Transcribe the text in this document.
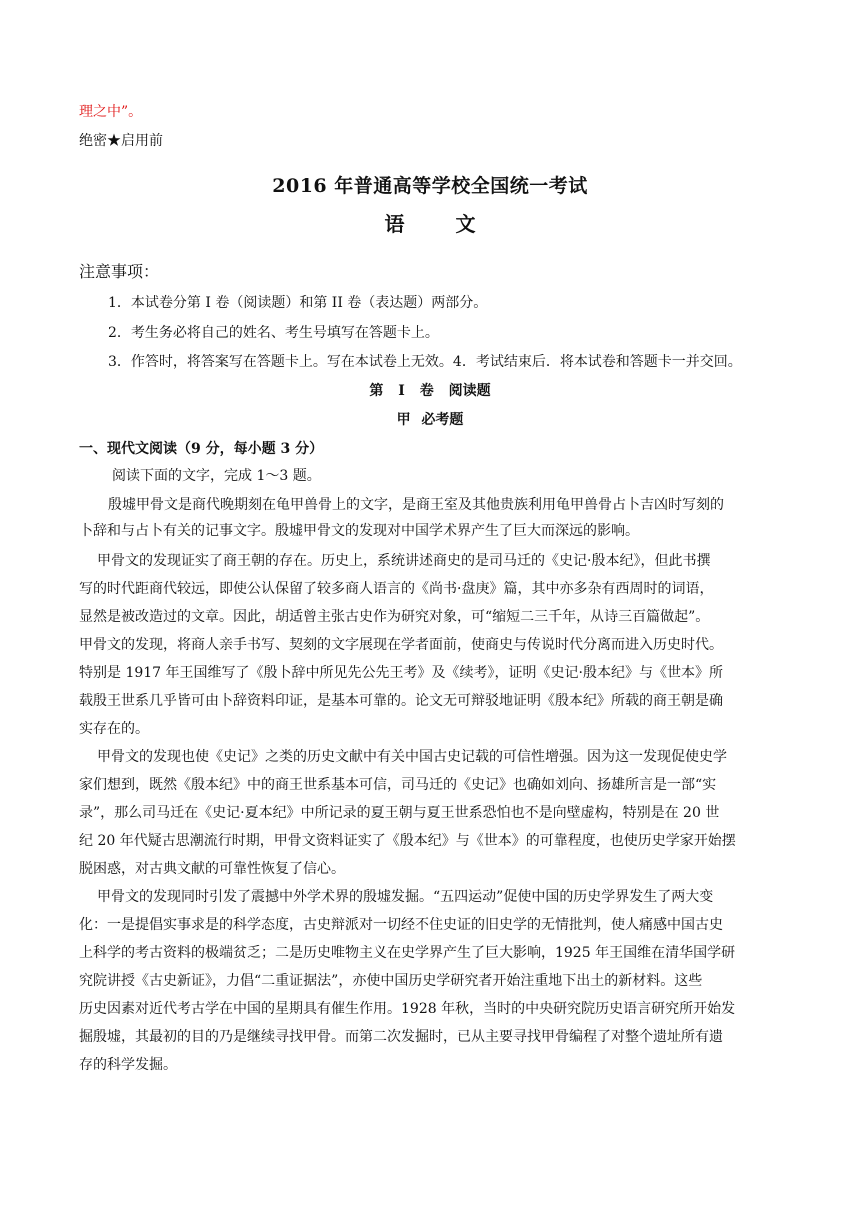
理之中”。
绝密★启用前
2016 年普通高等学校全国统一考试
语 文
注意事项：
1．本试卷分第 I 卷（阅读题）和第 II 卷（表达题）两部分。
2．考生务必将自己的姓名、考生号填写在答题卡上。
3．作答时，将答案写在答题卡上。写在本试卷上无效。4．考试结束后．将本试卷和答题卡一并交回。
第 I 卷 阅读题
甲 必考题
一、现代文阅读（9 分，每小题 3 分）
阅读下面的文字，完成 1～3 题。
殷墟甲骨文是商代晚期刻在龟甲兽骨上的文字，是商王室及其他贵族利用龟甲兽骨占卜吉凶时写刻的
卜辞和与占卜有关的记事文字。殷墟甲骨文的发现对中国学术界产生了巨大而深远的影响。
甲骨文的发现证实了商王朝的存在。历史上，系统讲述商史的是司马迁的《史记·殷本纪》，但此书撰
写的时代距商代较远，即使公认保留了较多商人语言的《尚书·盘庚》篇，其中亦多杂有西周时的词语，
显然是被改造过的文章。因此，胡适曾主张古史作为研究对象，可“缩短二三千年，从诗三百篇做起”。
甲骨文的发现，将商人亲手书写、契刻的文字展现在学者面前，使商史与传说时代分离而进入历史时代。
特别是 1917 年王国维写了《殷卜辞中所见先公先王考》及《续考》，证明《史记·殷本纪》与《世本》所
载殷王世系几乎皆可由卜辞资料印证，是基本可靠的。论文无可辩驳地证明《殷本纪》所载的商王朝是确
实存在的。
甲骨文的发现也使《史记》之类的历史文献中有关中国古史记载的可信性增强。因为这一发现促使史学
家们想到，既然《殷本纪》中的商王世系基本可信，司马迁的《史记》也确如刘向、扬雄所言是一部“实
录”，那么司马迁在《史记·夏本纪》中所记录的夏王朝与夏王世系恐怕也不是向壁虚构，特别是在 20 世
纪 20 年代疑古思潮流行时期，甲骨文资料证实了《殷本纪》与《世本》的可靠程度，也使历史学家开始摆
脱困惑，对古典文献的可靠性恢复了信心。
甲骨文的发现同时引发了震撼中外学术界的殷墟发掘。“五四运动”促使中国的历史学界发生了两大变
化：一是提倡实事求是的科学态度，古史辩派对一切经不住史证的旧史学的无情批判，使人痛感中国古史
上科学的考古资料的极端贫乏；二是历史唯物主义在史学界产生了巨大影响，1925 年王国维在清华国学研
究院讲授《古史新证》，力倡“二重证据法”，亦使中国历史学研究者开始注重地下出土的新材料。这些
历史因素对近代考古学在中国的星期具有催生作用。1928 年秋，当时的中央研究院历史语言研究所开始发
掘殷墟，其最初的目的乃是继续寻找甲骨。而第二次发掘时，已从主要寻找甲骨编程了对整个遗址所有遗
存的科学发掘。
